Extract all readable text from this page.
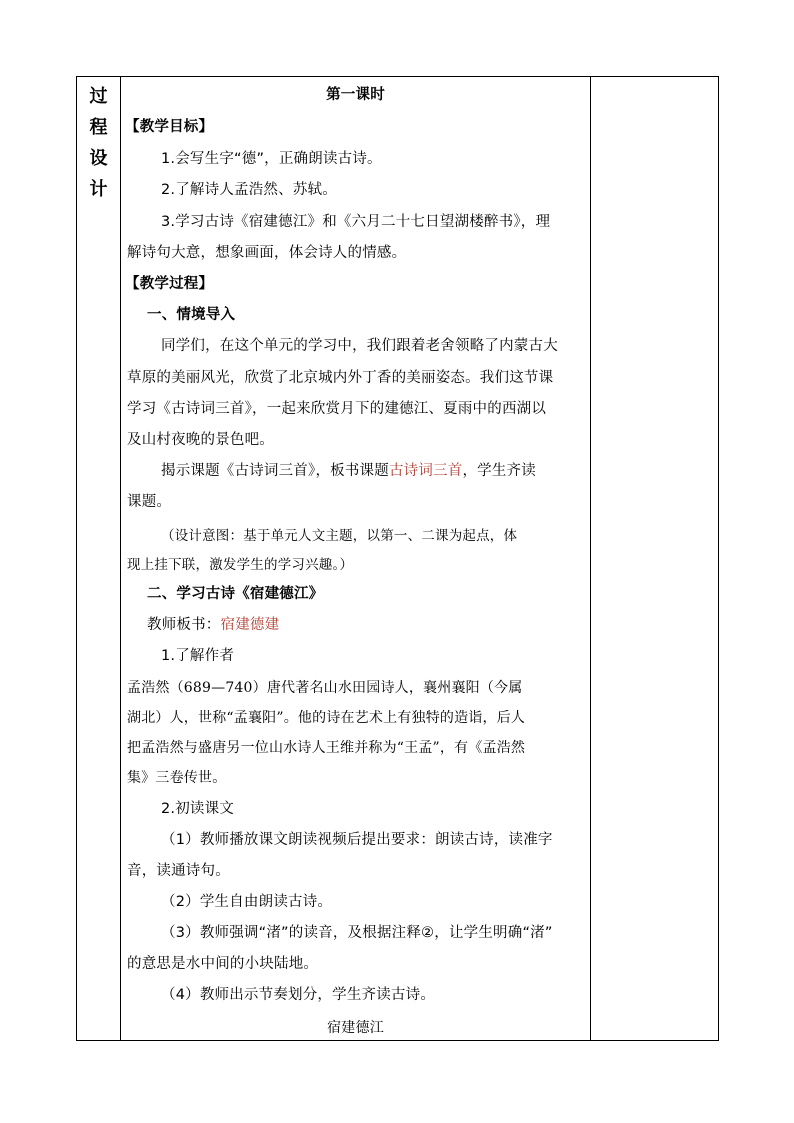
过
程
设
计
第一课时
【教学目标】
1.会写生字“德”，正确朗读古诗。
2.了解诗人孟浩然、苏轼。
3.学习古诗《宿建德江》和《六月二十七日望湖楼醉书》，理
解诗句大意，想象画面，体会诗人的情感。
【教学过程】
一、情境导入
同学们，在这个单元的学习中，我们跟着老舍领略了内蒙古大
草原的美丽风光，欣赏了北京城内外丁香的美丽姿态。我们这节课
学习《古诗词三首》，一起来欣赏月下的建德江、夏雨中的西湖以
及山村夜晚的景色吧。
揭示课题《古诗词三首》，板书课题古诗词三首，学生齐读
课题。
（设计意图：基于单元人文主题，以第一、二课为起点，体
现上挂下联，激发学生的学习兴趣。）
二、学习古诗《宿建德江》
教师板书：宿建德建
1.了解作者
孟浩然（689—740）唐代著名山水田园诗人，襄州襄阳（今属
湖北）人，世称“孟襄阳”。他的诗在艺术上有独特的造诣，后人
把孟浩然与盛唐另一位山水诗人王维并称为“王孟”，有《孟浩然
集》三卷传世。
2.初读课文
（1）教师播放课文朗读视频后提出要求：朗读古诗，读准字
音，读通诗句。
（2）学生自由朗读古诗。
（3）教师强调“渚”的读音，及根据注释②，让学生明确“渚”
的意思是水中间的小块陆地。
（4）教师出示节奏划分，学生齐读古诗。
宿建德江
